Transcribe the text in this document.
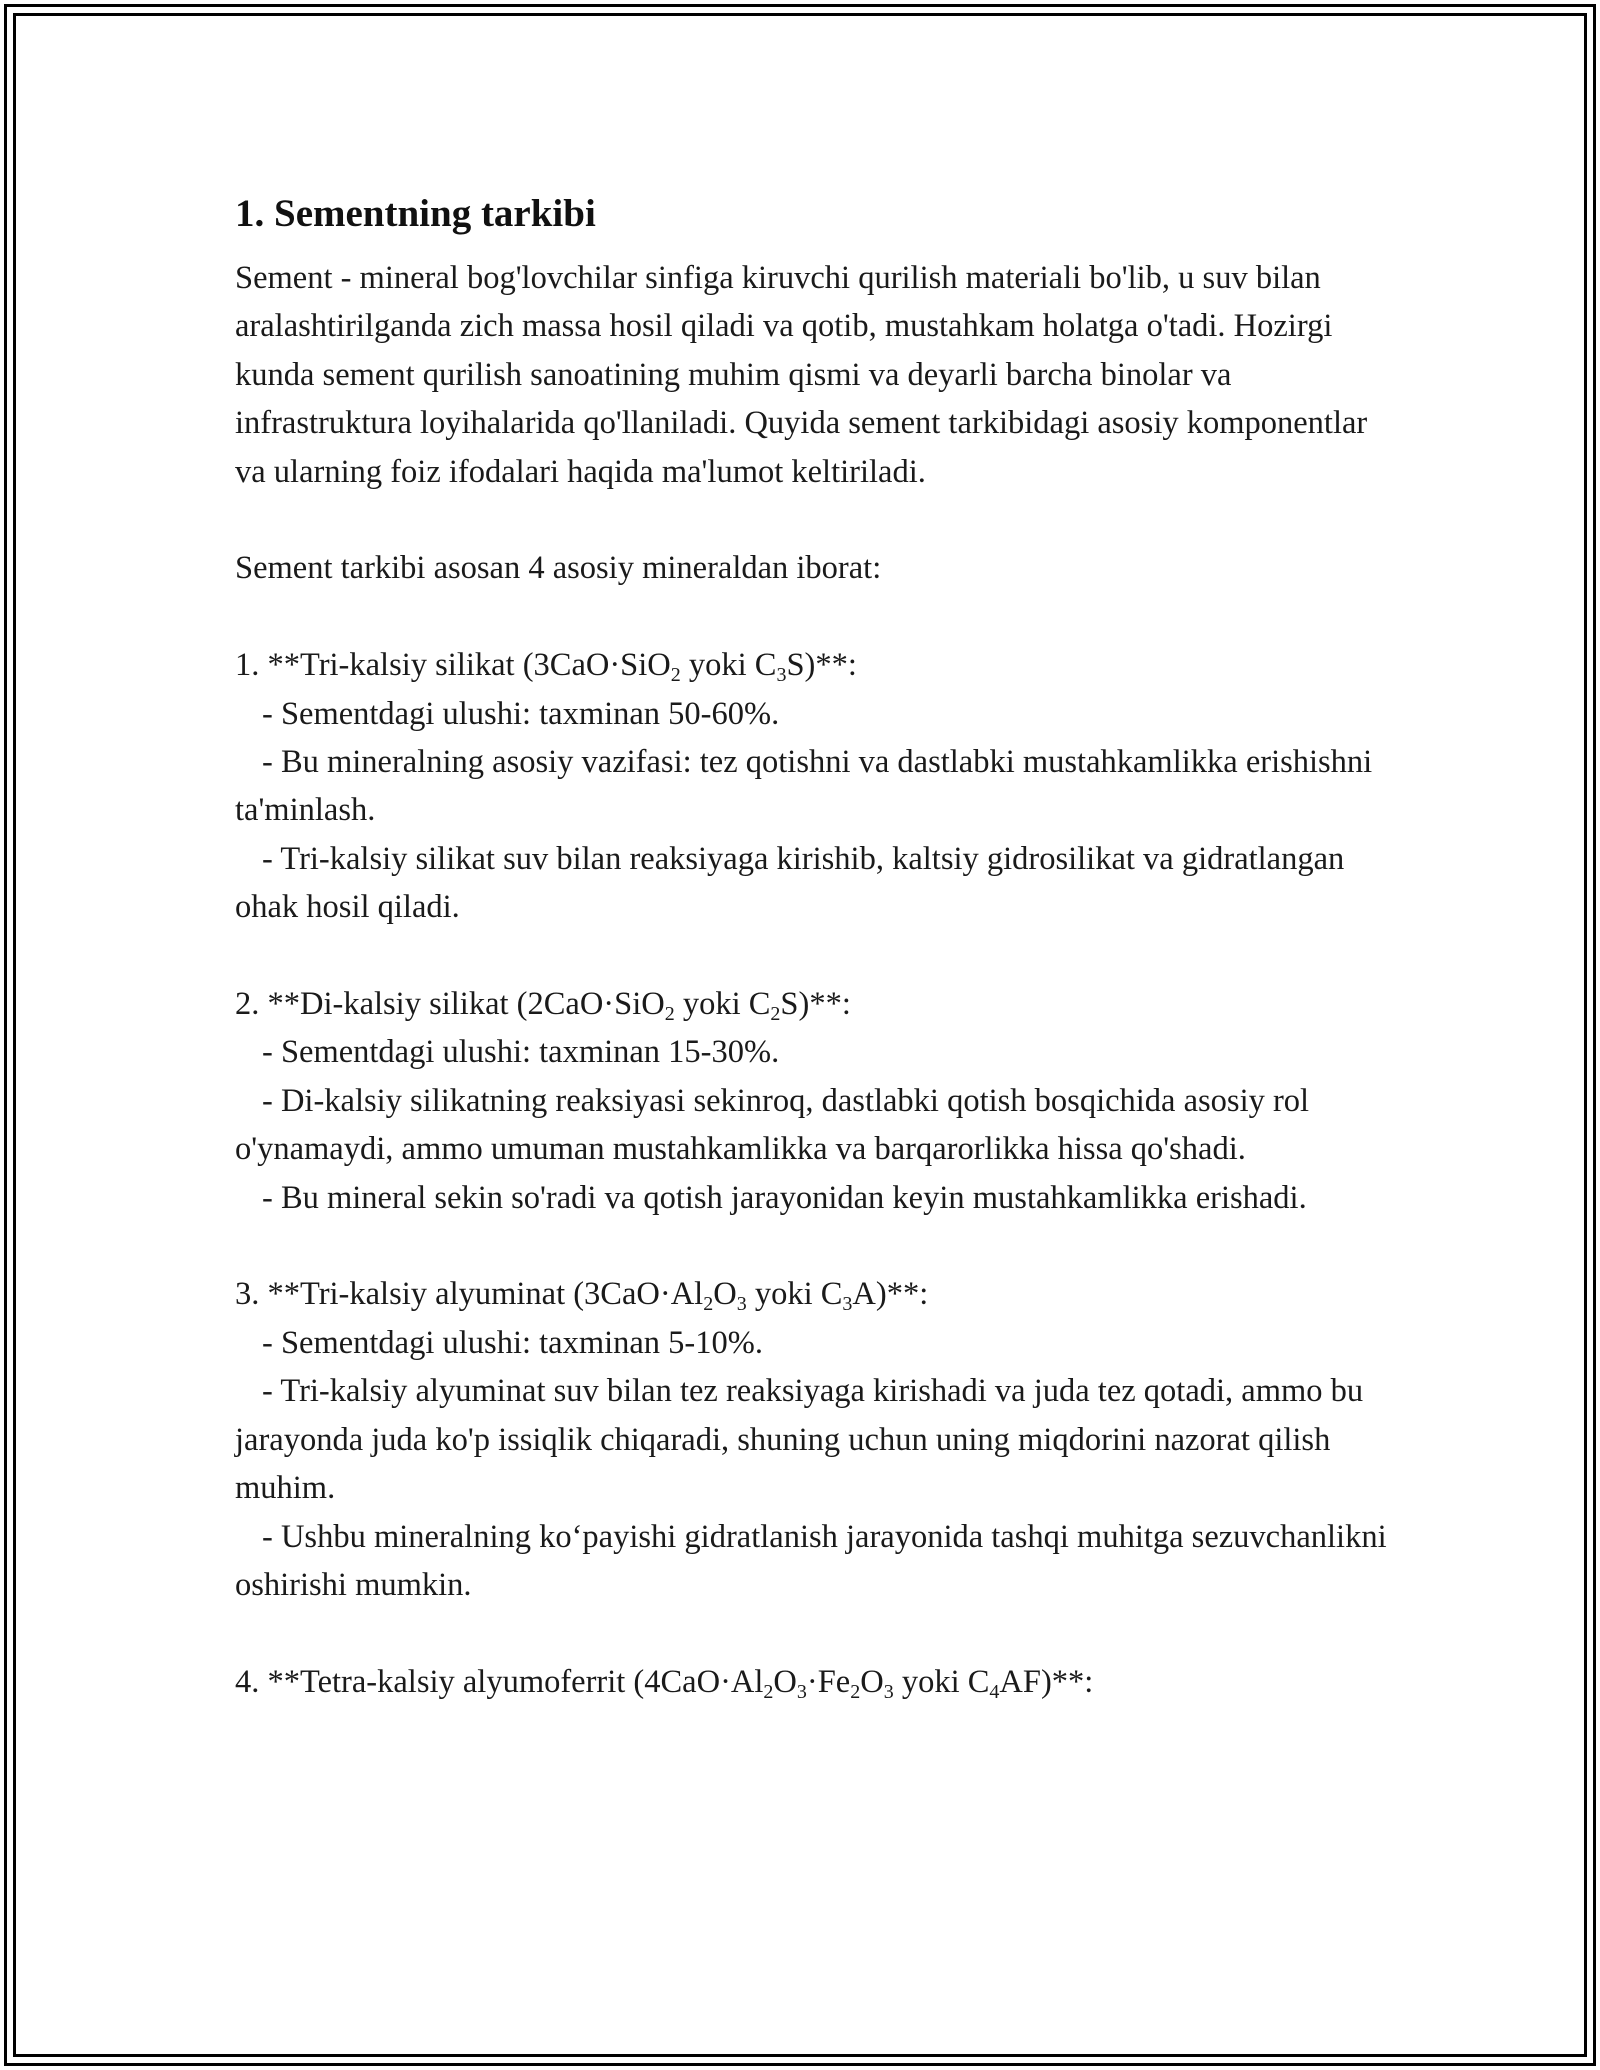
1. Sementning tarkibi

Sement - mineral bog'lovchilar sinfiga kiruvchi qurilish materiali bo'lib, u suv bilan aralashtirilganda zich massa hosil qiladi va qotib, mustahkam holatga o'tadi. Hozirgi kunda sement qurilish sanoatining muhim qismi va deyarli barcha binolar va infrastruktura loyihalarida qo'llaniladi. Quyida sement tarkibidagi asosiy komponentlar va ularning foiz ifodalari haqida ma'lumot keltiriladi.

Sement tarkibi asosan 4 asosiy mineraldan iborat:

1. **Tri-kalsiy silikat (3CaO·SiO$_2$ yoki $C_3S)**$:

- Sementdagi ulushi: taxminan 50-60%.

- Bu mineralning asosiy vazifasi: tez qotishni va dastlabki mustahkamlikka erishishni ta'minlash.

- Tri-kalsiy silikat suv bilan reaksiyaga kirishib, kaltsiy gidrosilikat va gidratlangan ohak hosil qiladi.

2. **Di-kalsiy silikat (2CaO·SiO$_2$ yoki $C_2S)**$:

- Sementdagi ulushi: taxminan 15-30%.

- Di-kalsiy silikatning reaksiyasi sekinroq, dastlabki qotish bosqichida asosiy rol o'ynamaydi, ammo umuman mustahkamlikka va barqarorlikka hissa qo'shadi.

- Bu mineral sekin so'radi va qotish jarayonidan keyin mustahkamlikka erishadi.

3. **Tri-kalsiy alyuminat ($3CaO\cdot Al_2O_3$ yoki $C_3A)**$:

- Sementdagi ulushi: taxminan 5-10%.

- Tri-kalsiy alyuminat suv bilan tez reaksiyaga kirishadi va juda tez qotadi, ammo bu jarayonda juda ko'p issiqlik chiqaradi, shuning uchun uning miqdorini nazorat qilish muhim.

- Ushbu mineralning ko‘payishi gidratlanish jarayonida tashqi muhitga sezuvchanlikni oshirishi mumkin.

4. **Tetra-kalsiy alyumoferrit ($4CaO\cdot Al_2O_3\cdot Fe_2O_3$ yoki $C_4AF)**$:
